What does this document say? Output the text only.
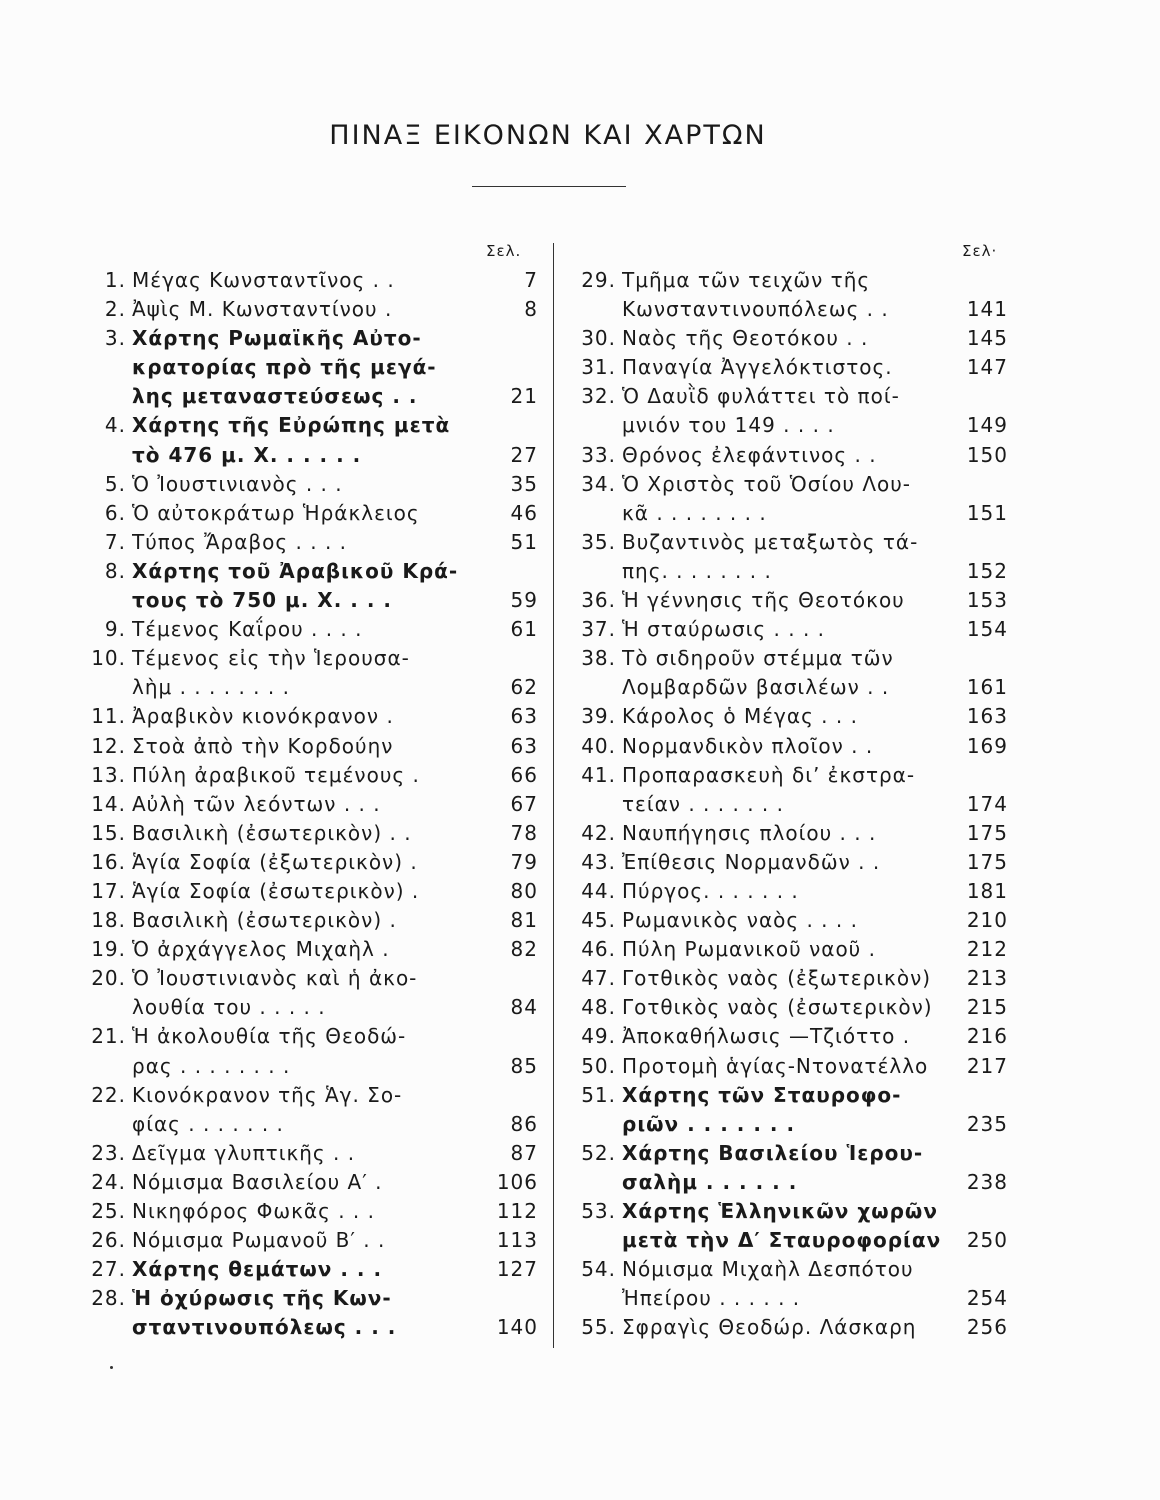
ΠΙΝΑΞ ΕΙΚΟΝΩΝ ΚΑΙ ΧΑΡΤΩΝ
Σελ.	Σελ·
1. Μέγας Κωνσταντῖνος . .	7
2. Ἀψὶς Μ. Κωνσταντίνου .	8
3. Χάρτης Ρωμαϊκῆς Αὐτο-
κρατορίας πρὸ τῆς μεγά-
λης μεταναστεύσεως . .	21
4. Χάρτης τῆς Εὐρώπης μετὰ
τὸ 476 μ. Χ. . . . . .	27
5. Ὁ Ἰουστινιανὸς . . .	35
6. Ὁ αὐτοκράτωρ Ἡράκλειος	46
7. Τύπος Ἄραβος . . . .	51
8. Χάρτης τοῦ Ἀραβικοῦ Κρά-
τους τὸ 750 μ. Χ. . . .	59
9. Τέμενος Καΐρου . . . .	61
10. Τέμενος εἰς τὴν Ἱερουσα-
λὴμ . . . . . . . .	62
11. Ἀραβικὸν κιονόκρανον .	63
12. Στοὰ ἀπὸ τὴν Κορδούην	63
13. Πύλη ἀραβικοῦ τεμένους .	66
14. Αὐλὴ τῶν λεόντων . . .	67
15. Βασιλικὴ (ἐσωτερικὸν) . .	78
16. Ἁγία Σοφία (ἐξωτερικὸν) .	79
17. Ἁγία Σοφία (ἐσωτερικὸν) .	80
18. Βασιλικὴ (ἐσωτερικὸν) .	81
19. Ὁ ἀρχάγγελος Μιχαὴλ .	82
20. Ὁ Ἰουστινιανὸς καὶ ἡ ἀκο-
λουθία του . . . . .	84
21. Ἡ ἀκολουθία τῆς Θεοδώ-
ρας . . . . . . . .	85
22. Κιονόκρανον τῆς Ἁγ. Σο-
φίας . . . . . . .	86
23. Δεῖγμα γλυπτικῆς . .	87
24. Νόμισμα Βασιλείου Α′ .	106
25. Νικηφόρος Φωκᾶς . . .	112
26. Νόμισμα Ρωμανοῦ Β′ . .	113
27. Χάρτης θεμάτων . . .	127
28. Ἡ ὀχύρωσις τῆς Κων-
σταντινουπόλεως . . .	140
29. Τμῆμα τῶν τειχῶν τῆς
Κωνσταντινουπόλεως . .	141
30. Ναὸς τῆς Θεοτόκου . .	145
31. Παναγία Ἀγγελόκτιστος.	147
32. Ὁ Δαυῒδ φυλάττει τὸ ποί-
μνιόν του 149 . . . .	149
33. Θρόνος ἐλεφάντινος . .	150
34. Ὁ Χριστὸς τοῦ Ὁσίου Λου-
κᾶ . . . . . . . .	151
35. Βυζαντινὸς μεταξωτὸς τά-
πης. . . . . . . .	152
36. Ἡ γέννησις τῆς Θεοτόκου	153
37. Ἡ σταύρωσις . . . .	154
38. Τὸ σιδηροῦν στέμμα τῶν
Λομβαρδῶν βασιλέων . .	161
39. Κάρολος ὁ Μέγας . . .	163
40. Νορμανδικὸν πλοῖον . .	169
41. Προπαρασκευὴ δι’ ἐκστρα-
τείαν . . . . . . .	174
42. Ναυπήγησις πλοίου . . .	175
43. Ἐπίθεσις Νορμανδῶν . .	175
44. Πύργος. . . . . . .	181
45. Ρωμανικὸς ναὸς . . . .	210
46. Πύλη Ρωμανικοῦ ναοῦ .	212
47. Γοτθικὸς ναὸς (ἐξωτερικὸν)	213
48. Γοτθικὸς ναὸς (ἐσωτερικὸν)	215
49. Ἀποκαθήλωσις —Τζιόττο .	216
50. Προτομὴ ἁγίας-Ντονατέλλο	217
51. Χάρτης τῶν Σταυροφο-
ριῶν . . . . . . .	235
52. Χάρτης Βασιλείου Ἱερου-
σαλὴμ . . . . . .	238
53. Χάρτης Ἑλληνικῶν χωρῶν
μετὰ τὴν Δ′ Σταυροφορίαν	250
54. Νόμισμα Μιχαὴλ Δεσπότου
Ἠπείρου . . . . . .	254
55. Σφραγὶς Θεοδώρ. Λάσκαρη	256
